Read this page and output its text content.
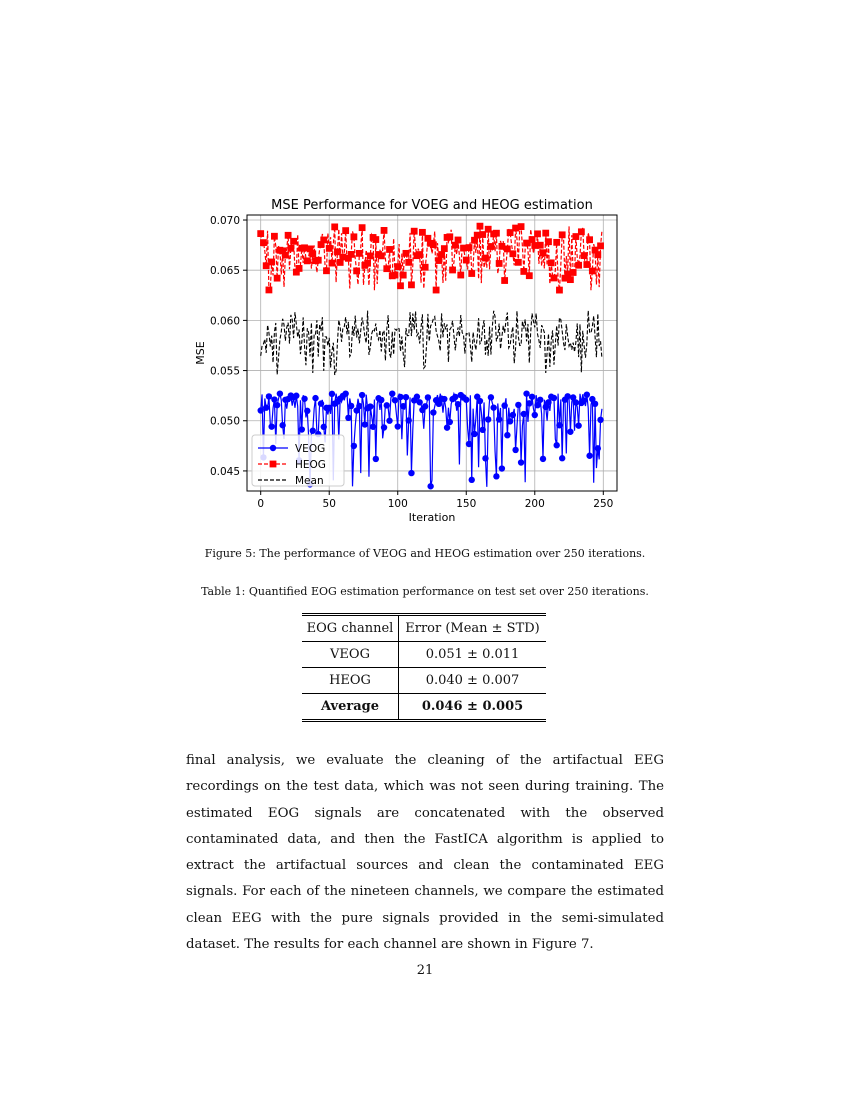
MSE Performance for VOEG and HEOG estimation
0	50	100	150	200	250
0.045
0.050
0.055
0.060
0.065
0.070
Iteration
MSE
VEOG
HEOG
Mean
Figure 5: The performance of VEOG and HEOG estimation over 250 iterations.
Table 1: Quantified EOG estimation performance on test set over 250 iterations.
EOG channel	Error (Mean ± STD)
VEOG	0.051 ± 0.011
HEOG	0.040 ± 0.007
Average	0.046 ± 0.005
final analysis, we evaluate the cleaning of the artifactual EEG recordings on the test data, which was not seen during training. The estimated EOG signals are concatenated with the observed contaminated data, and then the FastICA algorithm is applied to extract the artifactual sources and clean the contaminated EEG signals. For each of the nineteen channels, we compare the estimated clean EEG with the pure signals provided in the semi-simulated dataset. The results for each channel are shown in Figure 7.
21
